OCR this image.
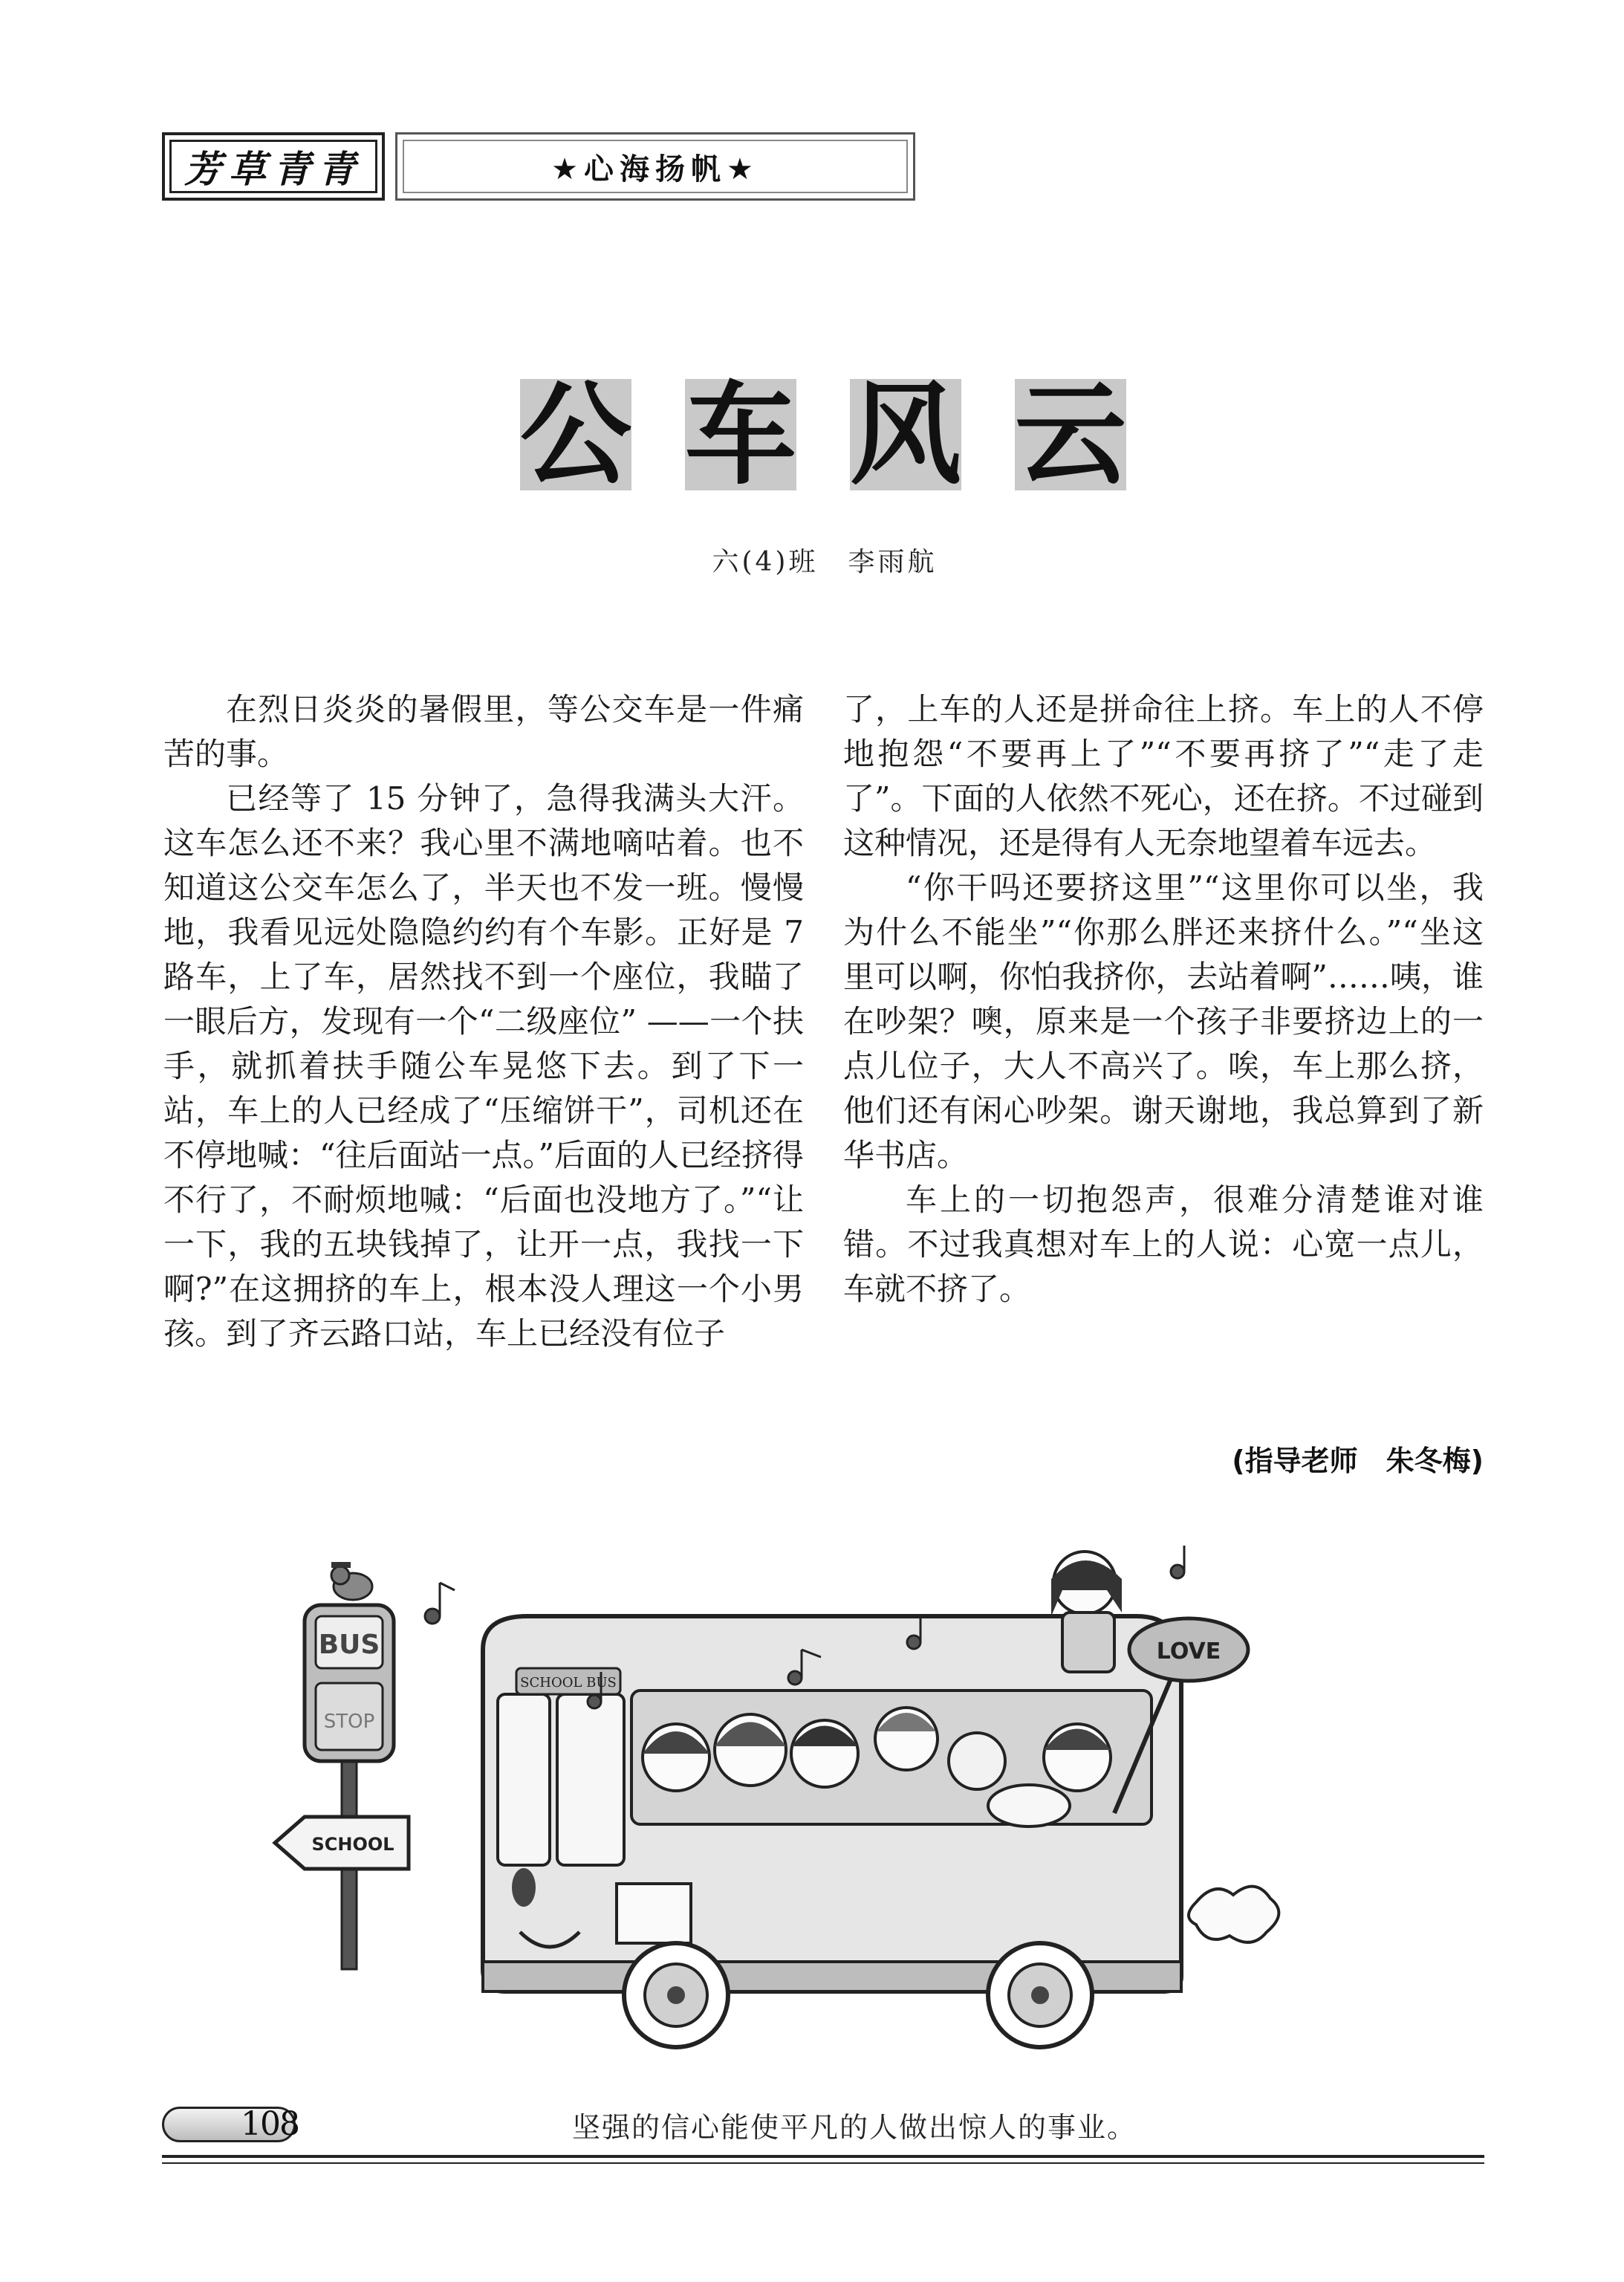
芳草青青	★心海扬帆★
公 车 风 云
六(4)班 李雨航

在烈日炎炎的暑假里，等公交车是一件痛苦的事。

已经等了 15 分钟了，急得我满头大汗。这车怎么还不来？我心里不满地嘀咕着。也不知道这公交车怎么了，半天也不发一班。慢慢地，我看见远处隐隐约约有个车影。正好是 7 路车，上了车，居然找不到一个座位，我瞄了一眼后方，发现有一个“二级座位” ——一个扶手，就抓着扶手随公车晃悠下去。到了下一站，车上的人已经成了“压缩饼干”，司机还在不停地喊：“往后面站一点。”后面的人已经挤得不行了，不耐烦地喊：“后面也没地方了。”“让一下，我的五块钱掉了，让开一点，我找一下啊?”在这拥挤的车上，根本没人理这一个小男孩。到了齐云路口站，车上已经没有位子

了，上车的人还是拼命往上挤。车上的人不停地抱怨“不要再上了”“不要再挤了”“走了走了”。下面的人依然不死心，还在挤。不过碰到这种情况，还是得有人无奈地望着车远去。

“你干吗还要挤这里”“这里你可以坐，我为什么不能坐”“你那么胖还来挤什么。”“坐这里可以啊，你怕我挤你，去站着啊”……咦，谁在吵架？噢，原来是一个孩子非要挤边上的一点儿位子，大人不高兴了。唉，车上那么挤，他们还有闲心吵架。谢天谢地，我总算到了新华书店。

车上的一切抱怨声，很难分清楚谁对谁错。不过我真想对车上的人说：心宽一点儿，车就不挤了。

(指导老师　朱冬梅)
BUS
STOP
SCHOOL
SCHOOL BUS
LOVE
108	坚强的信心能使平凡的人做出惊人的事业。
